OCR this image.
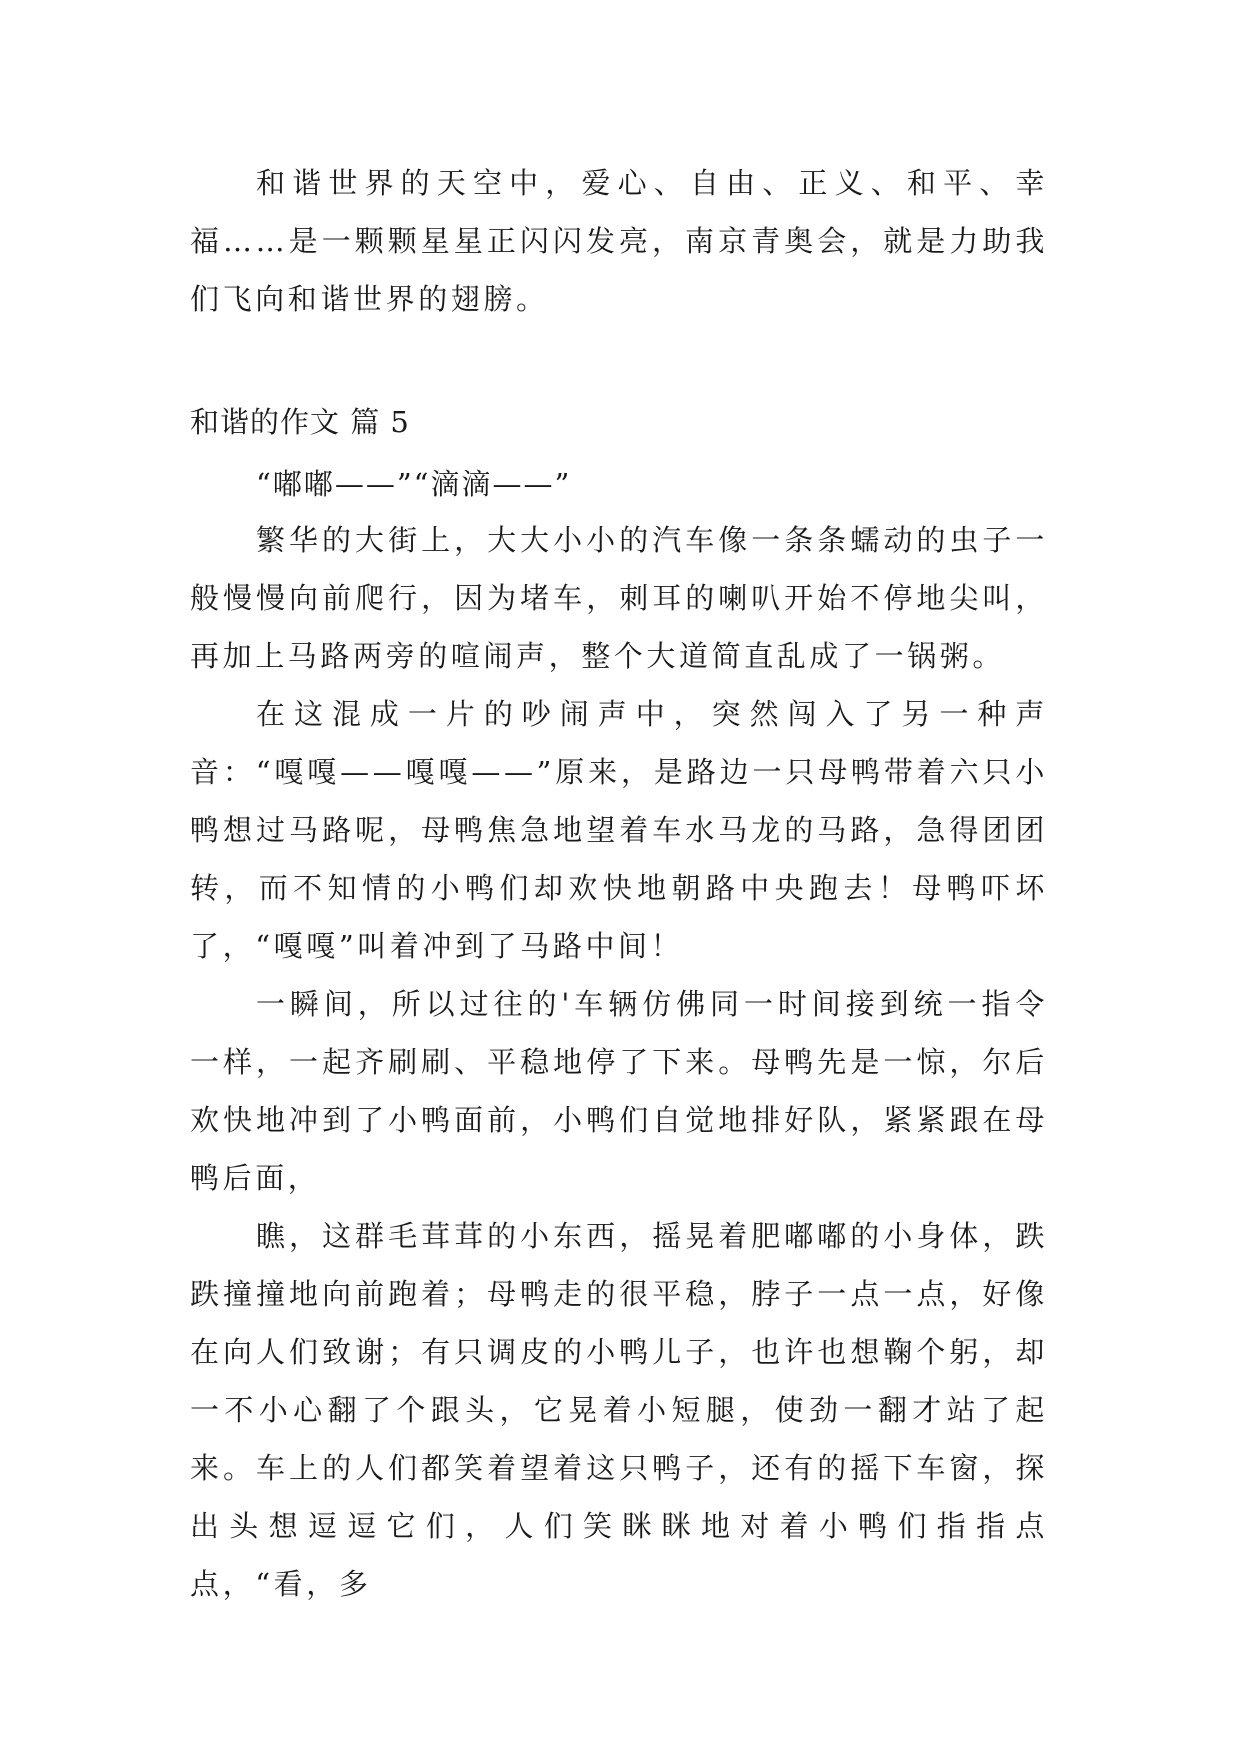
和谐世界的天空中，爱心、自由、正义、和平、幸福……是一颗颗星星正闪闪发亮，南京青奥会，就是力助我们飞向和谐世界的翅膀。

和谐的作文 篇 5

“嘟嘟——”“滴滴——”

繁华的大街上，大大小小的汽车像一条条蠕动的虫子一般慢慢向前爬行，因为堵车，刺耳的喇叭开始不停地尖叫，再加上马路两旁的喧闹声，整个大道简直乱成了一锅粥。

在这混成一片的吵闹声中，突然闯入了另一种声音：“嘎嘎——嘎嘎——”原来，是路边一只母鸭带着六只小鸭想过马路呢，母鸭焦急地望着车水马龙的马路，急得团团转，而不知情的小鸭们却欢快地朝路中央跑去！母鸭吓坏了，“嘎嘎”叫着冲到了马路中间！

一瞬间，所以过往的'车辆仿佛同一时间接到统一指令一样，一起齐刷刷、平稳地停了下来。母鸭先是一惊，尔后欢快地冲到了小鸭面前，小鸭们自觉地排好队，紧紧跟在母鸭后面，

瞧，这群毛茸茸的小东西，摇晃着肥嘟嘟的小身体，跌跌撞撞地向前跑着；母鸭走的很平稳，脖子一点一点，好像在向人们致谢；有只调皮的小鸭儿子，也许也想鞠个躬，却一不小心翻了个跟头，它晃着小短腿，使劲一翻才站了起来。车上的人们都笑着望着这只鸭子，还有的摇下车窗，探出头想逗逗它们，人们笑眯眯地对着小鸭们指指点点，“看，多
